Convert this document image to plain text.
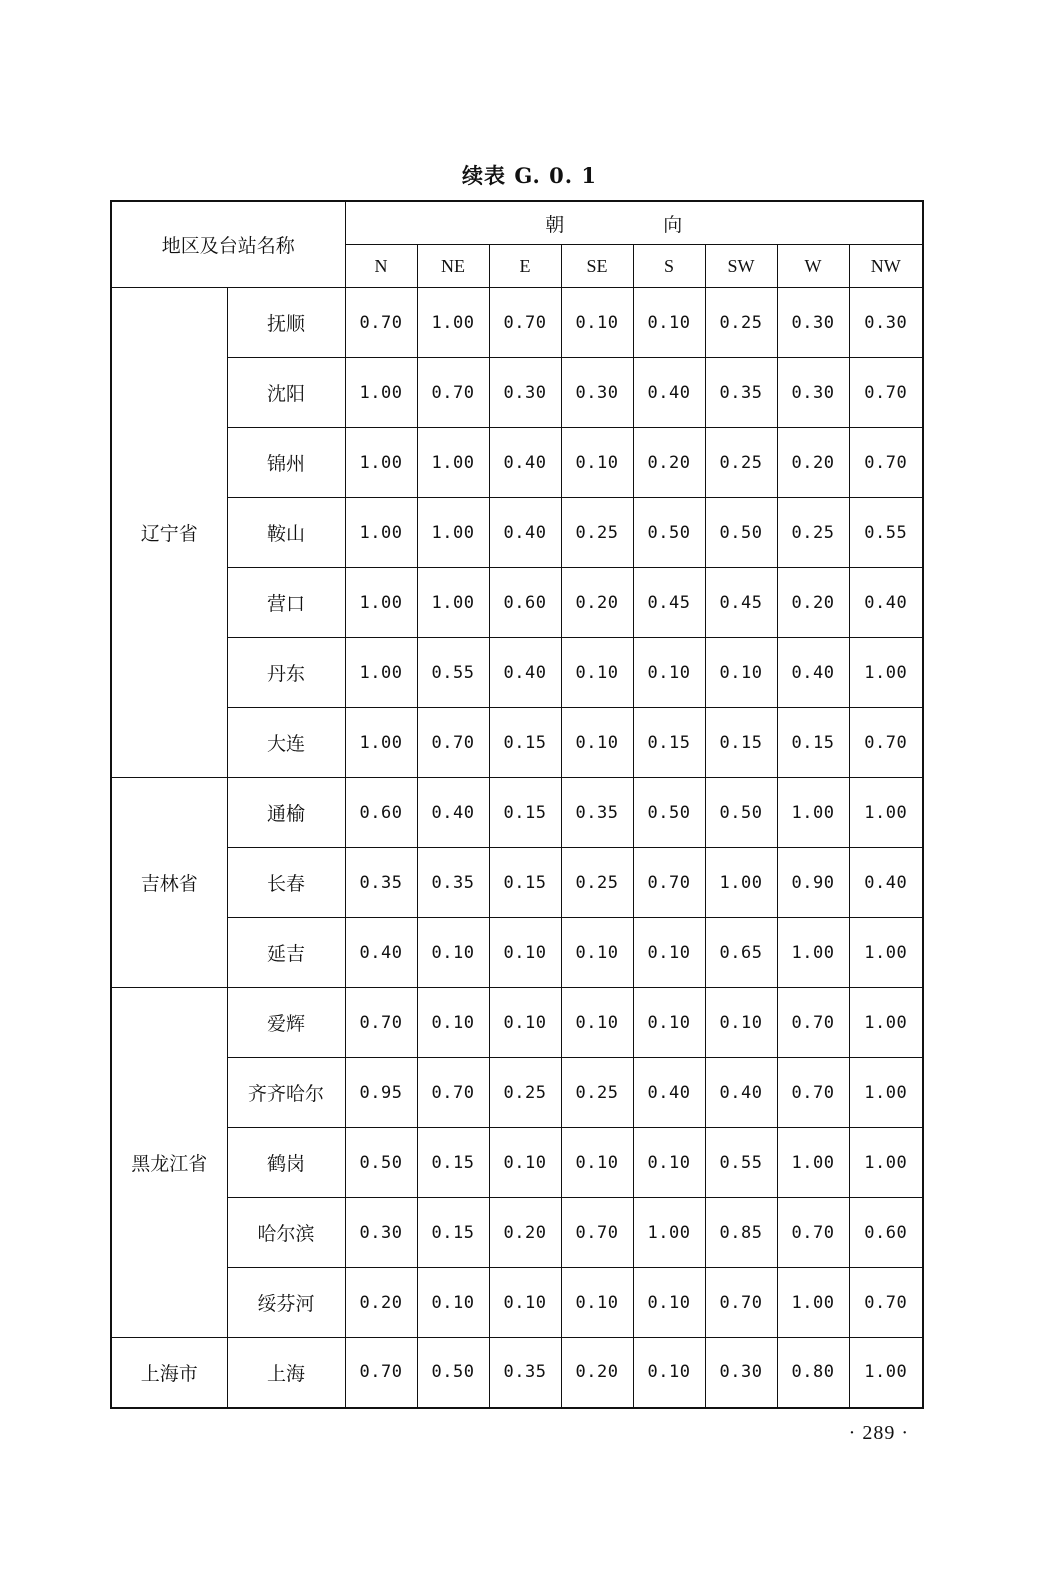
续表 G. 0. 1
地区及台站名称		朝　向							
		N	NE	E	SE	S	SW	W	NW
辽宁省	抚顺	0.70	1.00	0.70	0.10	0.10	0.25	0.30	0.30
	沈阳	1.00	0.70	0.30	0.30	0.40	0.35	0.30	0.70
	锦州	1.00	1.00	0.40	0.10	0.20	0.25	0.20	0.70
	鞍山	1.00	1.00	0.40	0.25	0.50	0.50	0.25	0.55
	营口	1.00	1.00	0.60	0.20	0.45	0.45	0.20	0.40
	丹东	1.00	0.55	0.40	0.10	0.10	0.10	0.40	1.00
	大连	1.00	0.70	0.15	0.10	0.15	0.15	0.15	0.70
吉林省	通榆	0.60	0.40	0.15	0.35	0.50	0.50	1.00	1.00
	长春	0.35	0.35	0.15	0.25	0.70	1.00	0.90	0.40
	延吉	0.40	0.10	0.10	0.10	0.10	0.65	1.00	1.00
黑龙江省	爱辉	0.70	0.10	0.10	0.10	0.10	0.10	0.70	1.00
	齐齐哈尔	0.95	0.70	0.25	0.25	0.40	0.40	0.70	1.00
	鹤岗	0.50	0.15	0.10	0.10	0.10	0.55	1.00	1.00
	哈尔滨	0.30	0.15	0.20	0.70	1.00	0.85	0.70	0.60
	绥芬河	0.20	0.10	0.10	0.10	0.10	0.70	1.00	0.70
上海市	上海	0.70	0.50	0.35	0.20	0.10	0.30	0.80	1.00
· 289 ·
